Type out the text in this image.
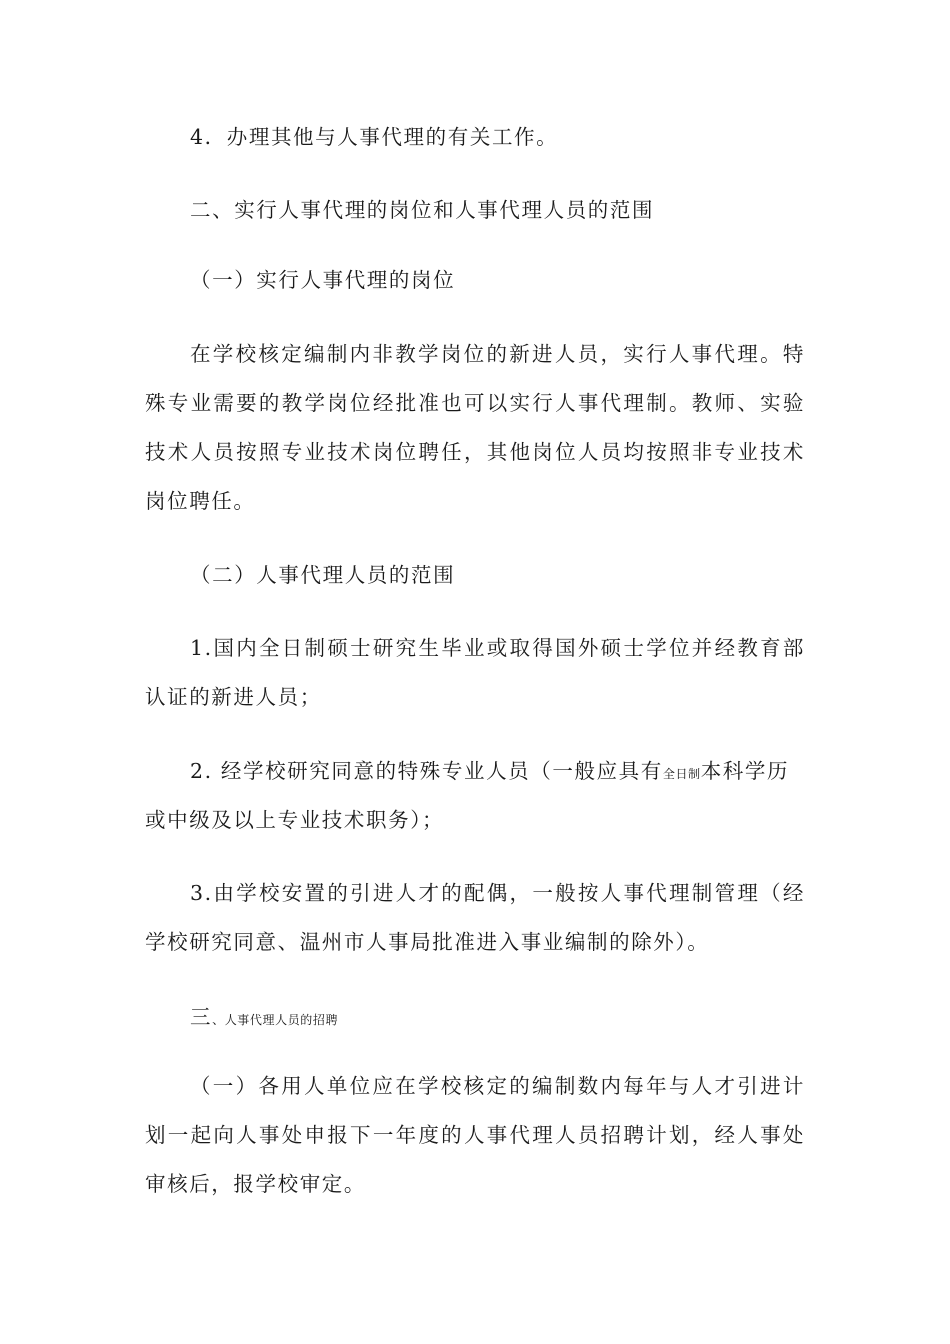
4．办理其他与人事代理的有关工作。
二、实行人事代理的岗位和人事代理人员的范围
（一）实行人事代理的岗位
在学校核定编制内非教学岗位的新进人员，实行人事代理。特
殊专业需要的教学岗位经批准也可以实行人事代理制。教师、实验
技术人员按照专业技术岗位聘任，其他岗位人员均按照非专业技术
岗位聘任。
（二）人事代理人员的范围
1.国内全日制硕士研究生毕业或取得国外硕士学位并经教育部
认证的新进人员；
2. 经学校研究同意的特殊专业人员（一般应具有全日制本科学历
或中级及以上专业技术职务）；
3.由学校安置的引进人才的配偶，一般按人事代理制管理（经
学校研究同意、温州市人事局批准进入事业编制的除外）。
三、人事代理人员的招聘
（一）各用人单位应在学校核定的编制数内每年与人才引进计
划一起向人事处申报下一年度的人事代理人员招聘计划，经人事处
审核后，报学校审定。
